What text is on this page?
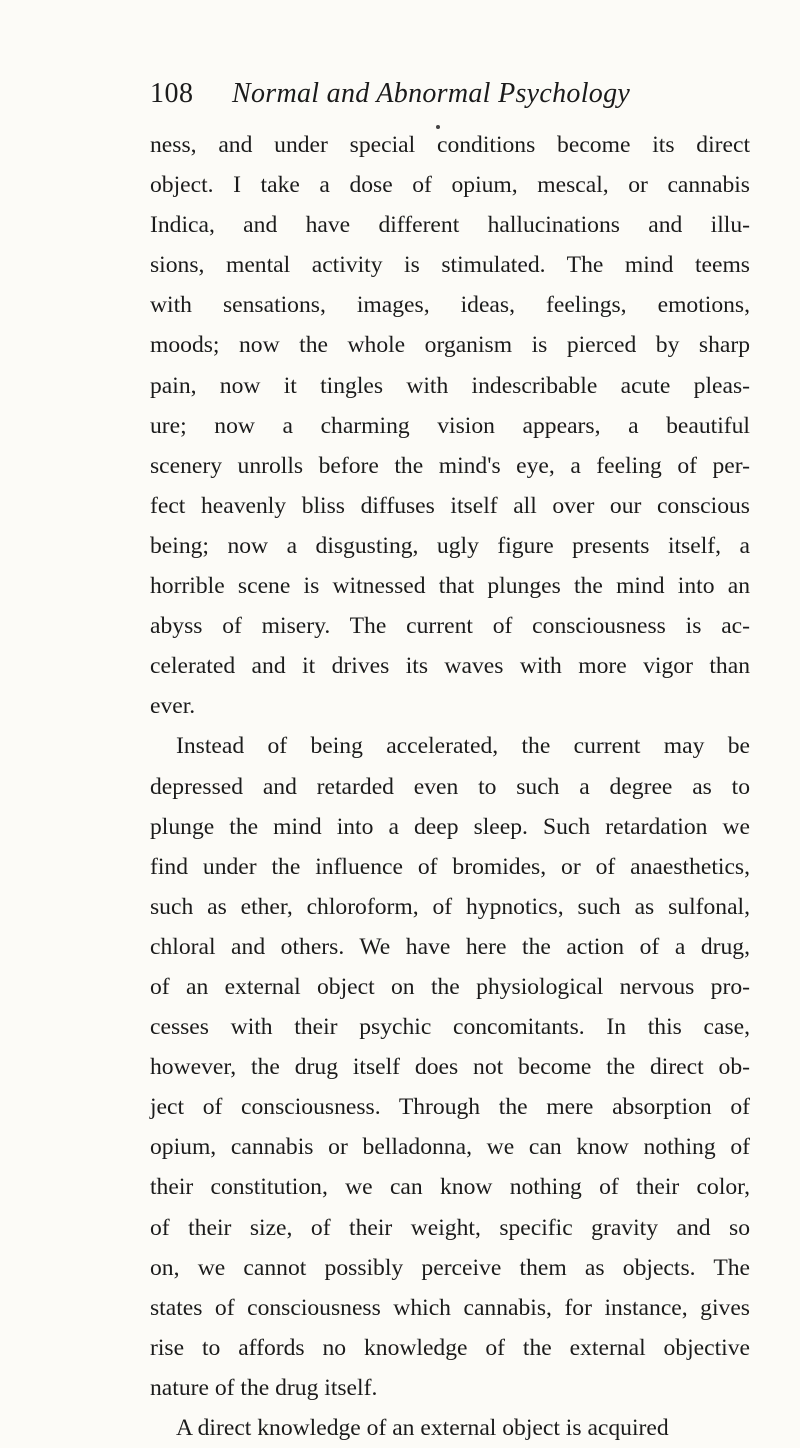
108 Normal and Abnormal Psychology
ness, and under special conditions become its direct
object. I take a dose of opium, mescal, or cannabis
Indica, and have different hallucinations and illu-
sions, mental activity is stimulated. The mind teems
with sensations, images, ideas, feelings, emotions,
moods; now the whole organism is pierced by sharp
pain, now it tingles with indescribable acute pleas-
ure; now a charming vision appears, a beautiful
scenery unrolls before the mind's eye, a feeling of per-
fect heavenly bliss diffuses itself all over our conscious
being; now a disgusting, ugly figure presents itself, a
horrible scene is witnessed that plunges the mind into an
abyss of misery. The current of consciousness is ac-
celerated and it drives its waves with more vigor than
ever.
Instead of being accelerated, the current may be
depressed and retarded even to such a degree as to
plunge the mind into a deep sleep. Such retardation we
find under the influence of bromides, or of anaesthetics,
such as ether, chloroform, of hypnotics, such as sulfonal,
chloral and others. We have here the action of a drug,
of an external object on the physiological nervous pro-
cesses with their psychic concomitants. In this case,
however, the drug itself does not become the direct ob-
ject of consciousness. Through the mere absorption of
opium, cannabis or belladonna, we can know nothing of
their constitution, we can know nothing of their color,
of their size, of their weight, specific gravity and so
on, we cannot possibly perceive them as objects. The
states of consciousness which cannabis, for instance, gives
rise to affords no knowledge of the external objective
nature of the drug itself.
A direct knowledge of an external object is acquired
